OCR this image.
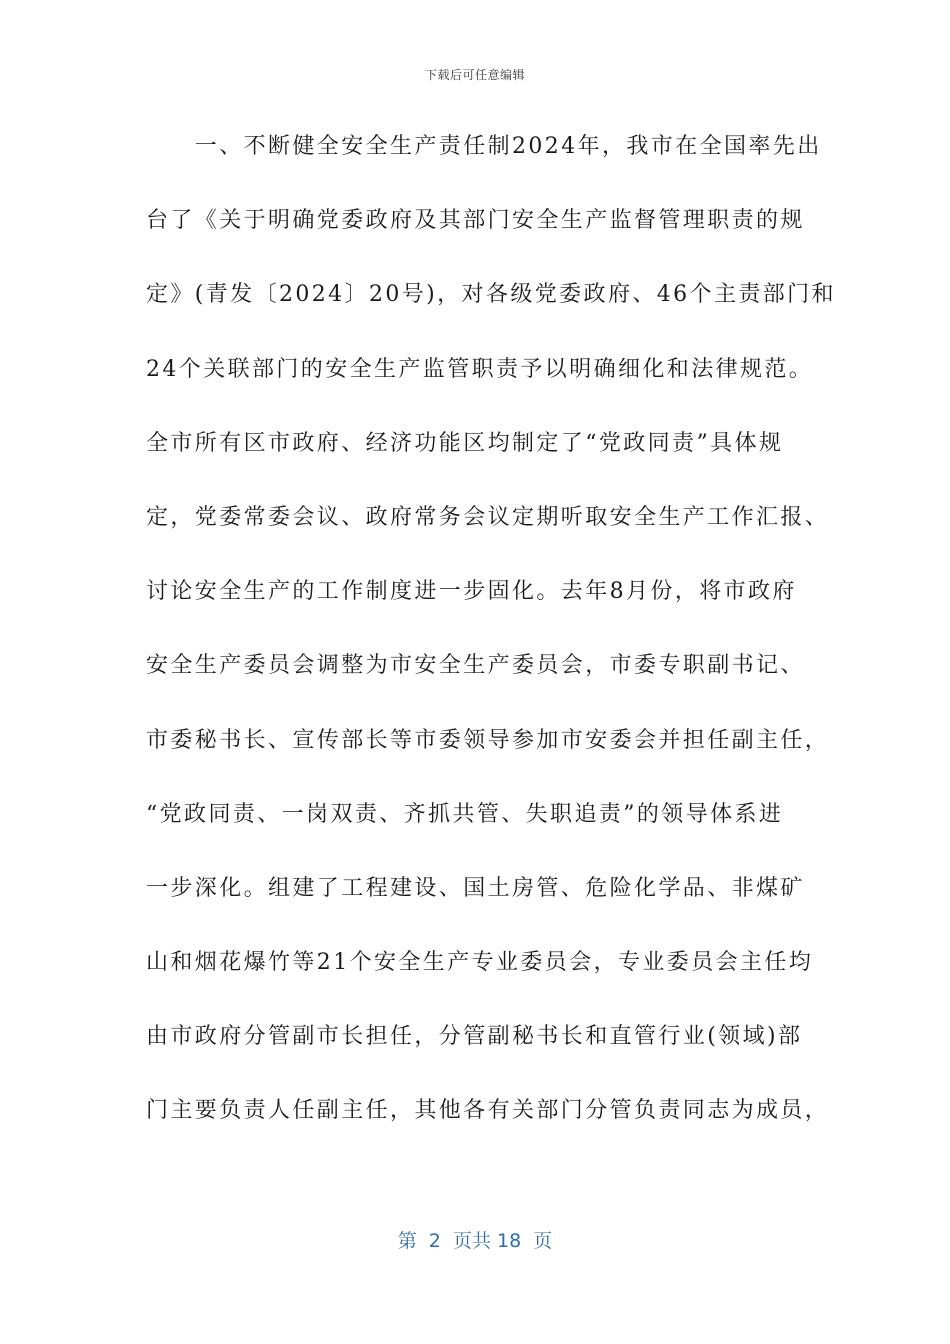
下载后可任意编辑
　　一、不断健全安全生产责任制2024年，我市在全国率先出
台了《关于明确党委政府及其部门安全生产监督管理职责的规
定》(青发〔2024〕20号)，对各级党委政府、46个主责部门和
24个关联部门的安全生产监管职责予以明确细化和法律规范。
全市所有区市政府、经济功能区均制定了“党政同责”具体规
定，党委常委会议、政府常务会议定期听取安全生产工作汇报、
讨论安全生产的工作制度进一步固化。去年8月份，将市政府
安全生产委员会调整为市安全生产委员会，市委专职副书记、
市委秘书长、宣传部长等市委领导参加市安委会并担任副主任，
“党政同责、一岗双责、齐抓共管、失职追责”的领导体系进
一步深化。组建了工程建设、国土房管、危险化学品、非煤矿
山和烟花爆竹等21个安全生产专业委员会，专业委员会主任均
由市政府分管副市长担任，分管副秘书长和直管行业(领域)部
门主要负责人任副主任，其他各有关部门分管负责同志为成员，
第  2  页共 18  页
